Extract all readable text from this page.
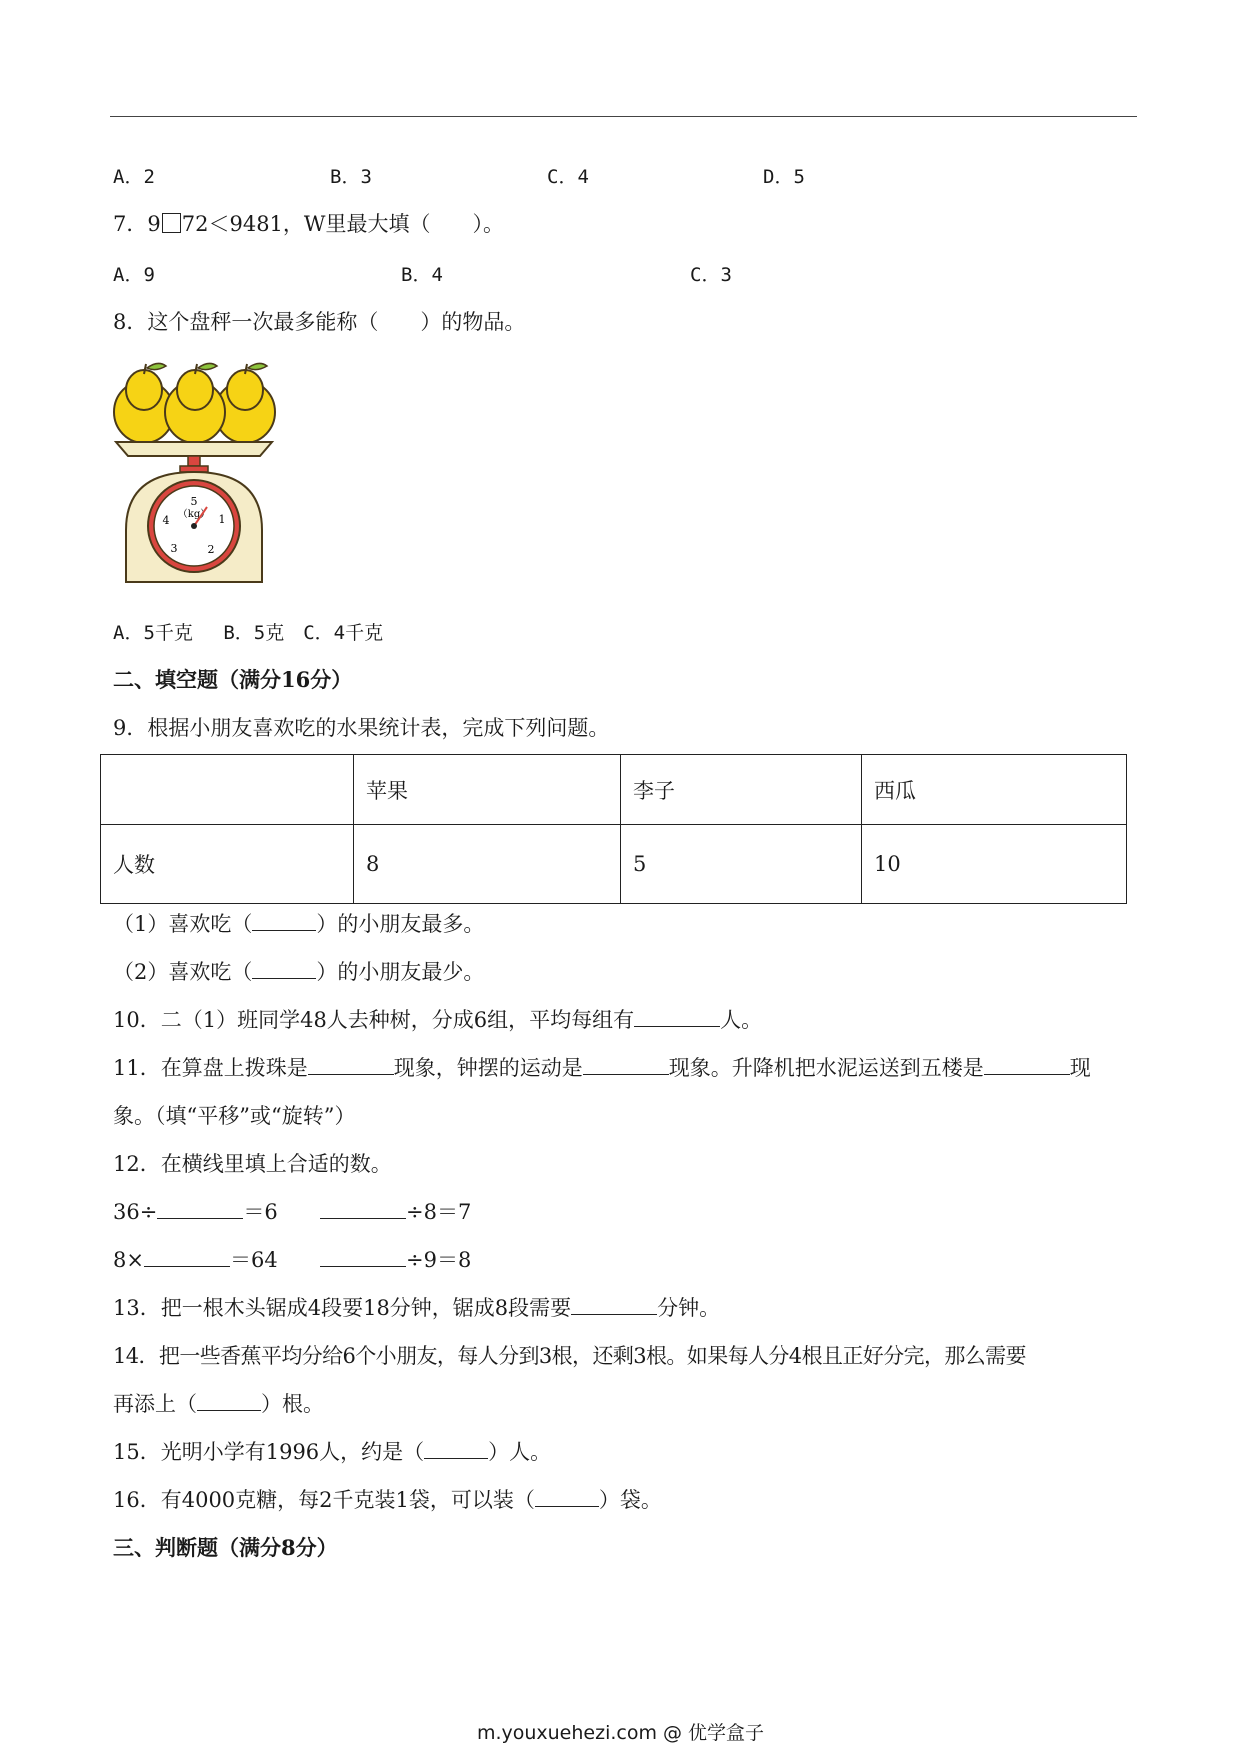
A．2	B．3	C．4	D．5
7．9 72＜9481，W里最大填（　　）。
A．9	B．4	C．3
8．这个盘秤一次最多能称（　　）的物品。
5
1
2
3
4 （kg）
A．5千克　 B．5克　C．4千克
二、填空题（满分16分）
9．根据小朋友喜欢吃的水果统计表，完成下列问题。
	苹果	李子	西瓜
人数	8	5	10
（1）喜欢吃（	）的小朋友最多。
（2）喜欢吃（	）的小朋友最少。
10．二（1）班同学48人去种树，分成6组，平均每组有	人。
11．在算盘上拨珠是	现象，钟摆的运动是	现象。升降机把水泥运送到五楼是	现
象。（填“平移”或“旋转”）
12．在横线里填上合适的数。
36÷	＝6	÷8＝7
8×	＝64	÷9＝8
13．把一根木头锯成4段要18分钟，锯成8段需要	分钟。
14．把一些香蕉平均分给6个小朋友，每人分到3根，还剩3根。如果每人分4根且正好分完，那么需要
再添上（	）根。
15．光明小学有1996人，约是（	）人。
16．有4000克糖，每2千克装1袋，可以装（	）袋。
三、判断题（满分8分）
m.youxuehezi.com @ 优学盒子
